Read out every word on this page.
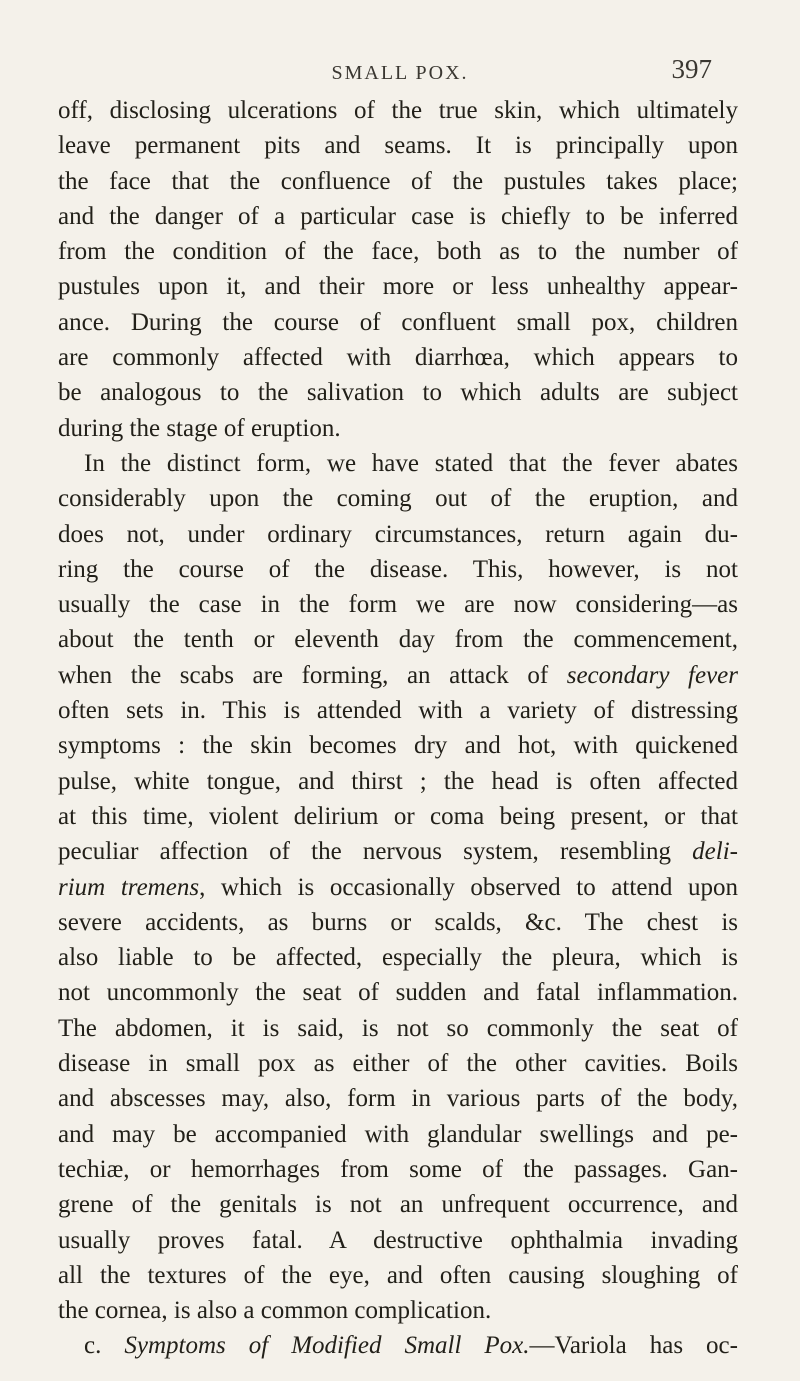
SMALL POX.	397
off, disclosing ulcerations of the true skin, which ultimately
leave permanent pits and seams. It is principally upon
the face that the confluence of the pustules takes place;
and the danger of a particular case is chiefly to be inferred
from the condition of the face, both as to the number of
pustules upon it, and their more or less unhealthy appear-
ance. During the course of confluent small pox, children
are commonly affected with diarrhœa, which appears to
be analogous to the salivation to which adults are subject
during the stage of eruption.
In the distinct form, we have stated that the fever abates
considerably upon the coming out of the eruption, and
does not, under ordinary circumstances, return again du-
ring the course of the disease. This, however, is not
usually the case in the form we are now considering—as
about the tenth or eleventh day from the commencement,
when the scabs are forming, an attack of secondary fever
often sets in. This is attended with a variety of distressing
symptoms : the skin becomes dry and hot, with quickened
pulse, white tongue, and thirst ; the head is often affected
at this time, violent delirium or coma being present, or that
peculiar affection of the nervous system, resembling deli-
rium tremens, which is occasionally observed to attend upon
severe accidents, as burns or scalds, &c. The chest is
also liable to be affected, especially the pleura, which is
not uncommonly the seat of sudden and fatal inflammation.
The abdomen, it is said, is not so commonly the seat of
disease in small pox as either of the other cavities. Boils
and abscesses may, also, form in various parts of the body,
and may be accompanied with glandular swellings and pe-
techiæ, or hemorrhages from some of the passages. Gan-
grene of the genitals is not an unfrequent occurrence, and
usually proves fatal. A destructive ophthalmia invading
all the textures of the eye, and often causing sloughing of
the cornea, is also a common complication.
c. Symptoms of Modified Small Pox.—Variola has oc-
